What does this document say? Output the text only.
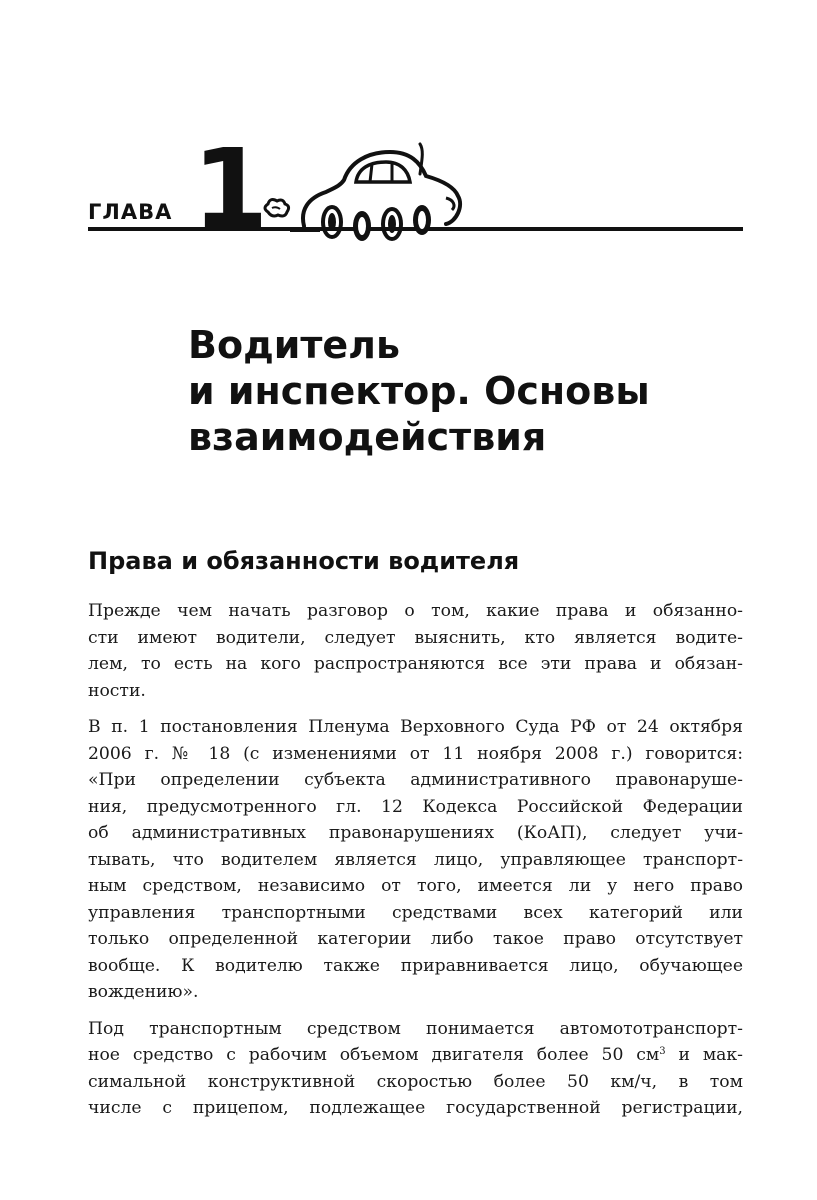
ГЛАВА 1
Водитель
и инспектор. Основы
взаимодействия
Права и обязанности водителя
Прежде чем начать разговор о том, какие права и обязанно-
сти имеют водители, следует выяснить, кто является водите-
лем, то есть на кого распространяются все эти права и обязан-
ности.
В п. 1 постановления Пленума Верховного Суда РФ от 24 октября
2006 г. № 18 (с изменениями от 11 ноября 2008 г.) говорится:
«При определении субъекта административного правонаруше-
ния, предусмотренного гл. 12 Кодекса Российской Федерации
об административных правонарушениях (КоАП), следует учи-
тывать, что водителем является лицо, управляющее транспорт-
ным средством, независимо от того, имеется ли у него право
управления транспортными средствами всех категорий или
только определенной категории либо такое право отсутствует
вообще. К водителю также приравнивается лицо, обучающее
вождению».
Под транспортным средством понимается автомототранспорт-
ное средство с рабочим объемом двигателя более 50 $см^3$ и мак-
симальной конструктивной скоростью более 50 км/ч, в том
числе с прицепом, подлежащее государственной регистрации,
